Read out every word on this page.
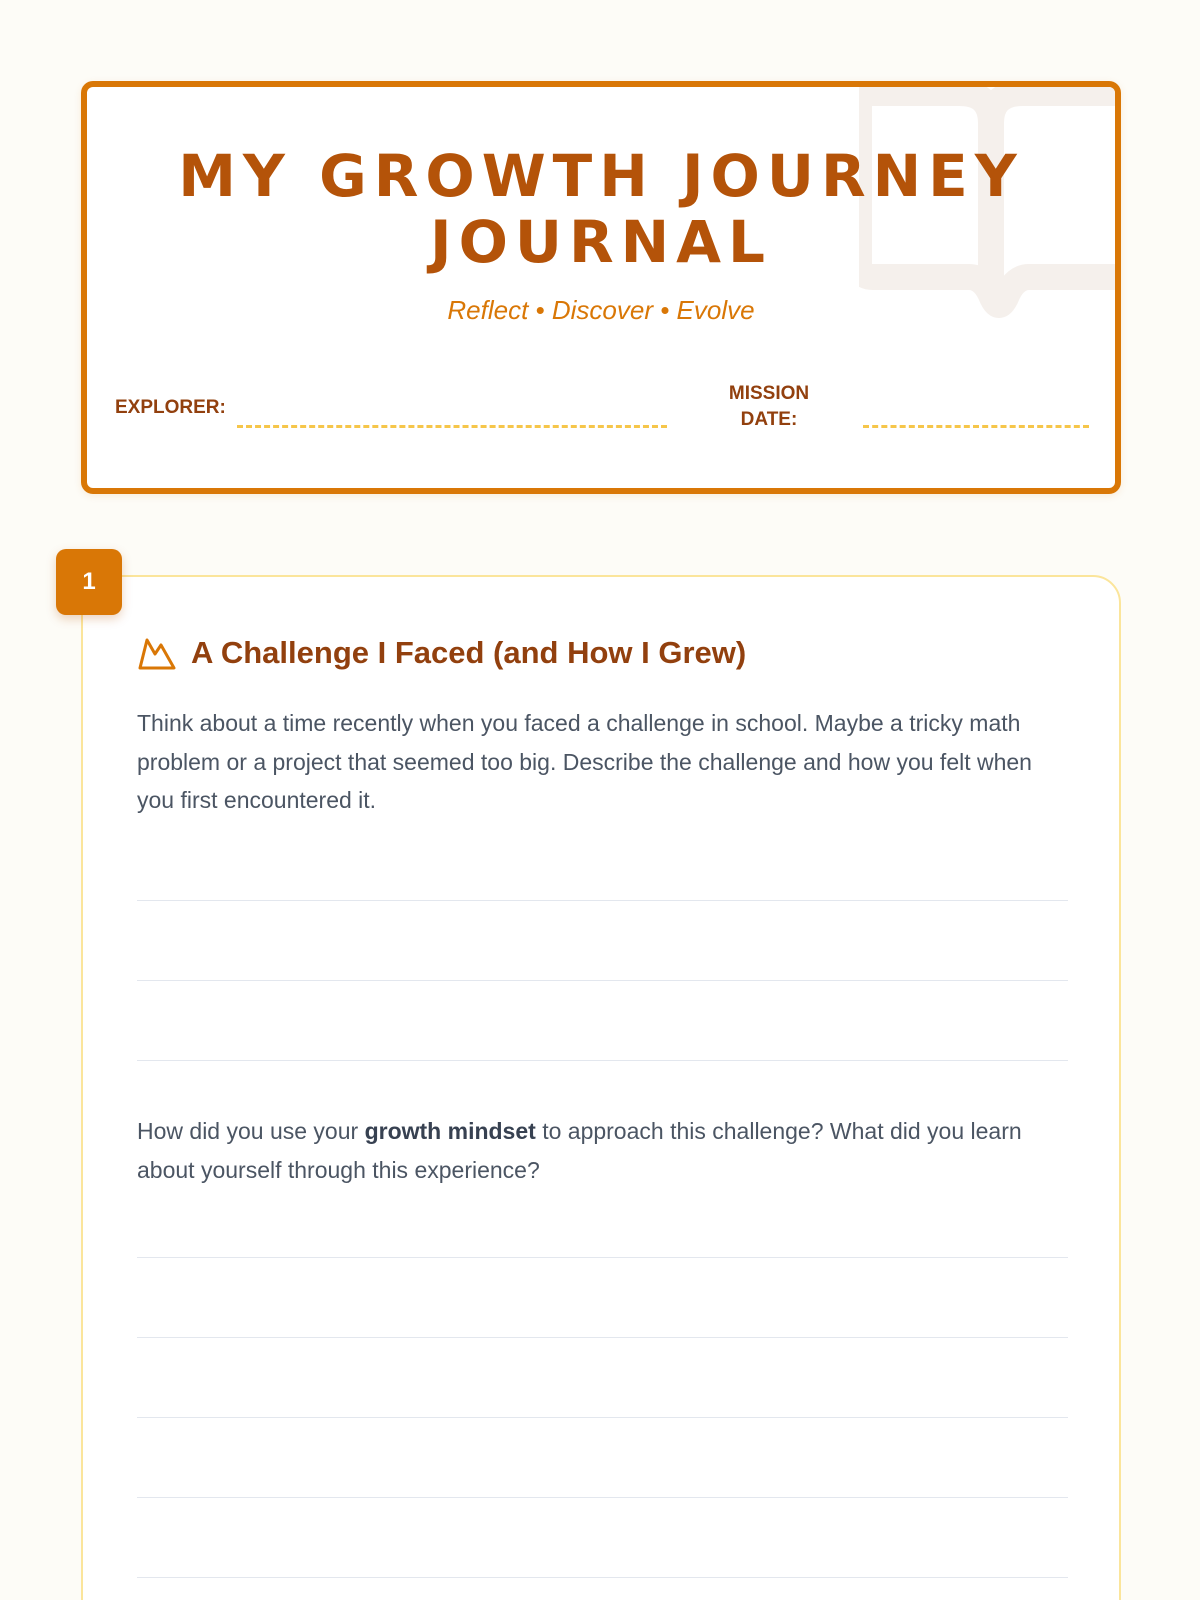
MY GROWTH JOURNEY
JOURNAL
Reflect • Discover • Evolve
EXPLORER:
MISSION
DATE:
1
A Challenge I Faced (and How I Grew)

Think about a time recently when you faced a challenge in school. Maybe a tricky math problem or a project that seemed too big. Describe the challenge and how you felt when you first encountered it.

How did you use your growth mindset to approach this challenge? What did you learn about yourself through this experience?
